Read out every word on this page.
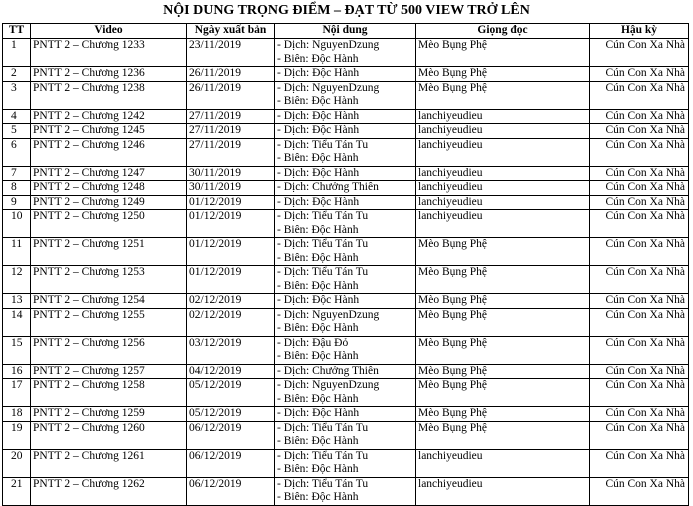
NỘI DUNG TRỌNG ĐIỂM – ĐẠT TỪ 500 VIEW TRỞ LÊN
TT	Video	Ngày xuất bản	Nội dung	Giọng đọc	Hậu kỳ
1	PNTT 2 – Chương 1233	23/11/2019	- Dịch: NguyenDzung
- Biên: Độc Hành	Mèo Bụng Phệ	Cún Con Xa Nhà
2	PNTT 2 – Chương 1236	26/11/2019	- Dịch: Độc Hành	Mèo Bụng Phệ	Cún Con Xa Nhà
3	PNTT 2 – Chương 1238	26/11/2019	- Dịch: NguyenDzung
- Biên: Độc Hành	Mèo Bụng Phệ	Cún Con Xa Nhà
4	PNTT 2 – Chương 1242	27/11/2019	- Dịch: Độc Hành	lanchiyeudieu	Cún Con Xa Nhà
5	PNTT 2 – Chương 1245	27/11/2019	- Dịch: Độc Hành	lanchiyeudieu	Cún Con Xa Nhà
6	PNTT 2 – Chương 1246	27/11/2019	- Dịch: Tiểu Tán Tu
- Biên: Độc Hành	lanchiyeudieu	Cún Con Xa Nhà
7	PNTT 2 – Chương 1247	30/11/2019	- Dịch: Độc Hành	lanchiyeudieu	Cún Con Xa Nhà
8	PNTT 2 – Chương 1248	30/11/2019	- Dịch: Chưởng Thiên	lanchiyeudieu	Cún Con Xa Nhà
9	PNTT 2 – Chương 1249	01/12/2019	- Dịch: Độc Hành	lanchiyeudieu	Cún Con Xa Nhà
10	PNTT 2 – Chương 1250	01/12/2019	- Dịch: Tiểu Tán Tu
- Biên: Độc Hành	lanchiyeudieu	Cún Con Xa Nhà
11	PNTT 2 – Chương 1251	01/12/2019	- Dịch: Tiểu Tán Tu
- Biên: Độc Hành	Mèo Bụng Phệ	Cún Con Xa Nhà
12	PNTT 2 – Chương 1253	01/12/2019	- Dịch: Tiểu Tán Tu
- Biên: Độc Hành	Mèo Bụng Phệ	Cún Con Xa Nhà
13	PNTT 2 – Chương 1254	02/12/2019	- Dịch: Độc Hành	Mèo Bụng Phệ	Cún Con Xa Nhà
14	PNTT 2 – Chương 1255	02/12/2019	- Dịch: NguyenDzung
- Biên: Độc Hành	Mèo Bụng Phệ	Cún Con Xa Nhà
15	PNTT 2 – Chương 1256	03/12/2019	- Dịch: Đậu Đỏ
- Biên: Độc Hành	Mèo Bụng Phệ	Cún Con Xa Nhà
16	PNTT 2 – Chương 1257	04/12/2019	- Dịch: Chưởng Thiên	Mèo Bụng Phệ	Cún Con Xa Nhà
17	PNTT 2 – Chương 1258	05/12/2019	- Dịch: NguyenDzung
- Biên: Độc Hành	Mèo Bụng Phệ	Cún Con Xa Nhà
18	PNTT 2 – Chương 1259	05/12/2019	- Dịch: Độc Hành	Mèo Bụng Phệ	Cún Con Xa Nhà
19	PNTT 2 – Chương 1260	06/12/2019	- Dịch: Tiểu Tán Tu
- Biên: Độc Hành	Mèo Bụng Phệ	Cún Con Xa Nhà
20	PNTT 2 – Chương 1261	06/12/2019	- Dịch: Tiểu Tán Tu
- Biên: Độc Hành	lanchiyeudieu	Cún Con Xa Nhà
21	PNTT 2 – Chương 1262	06/12/2019	- Dịch: Tiểu Tán Tu
- Biên: Độc Hành	lanchiyeudieu	Cún Con Xa Nhà
